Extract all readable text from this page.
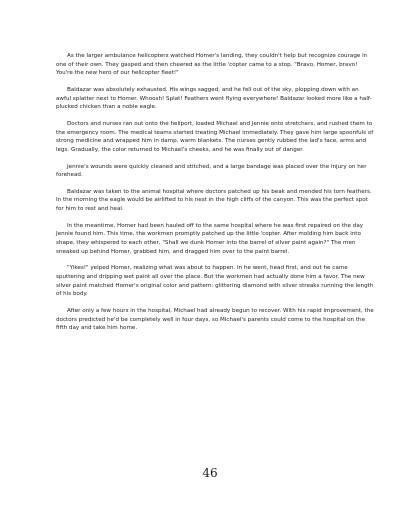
As the larger ambulance helicopters watched Homer's landing, they couldn't help but recognize courage in one of their own. They gasped and then cheered as the little 'copter came to a stop. "Bravo, Homer, bravo! You're the new hero of our helicopter fleet!"

Baldazar was absolutely exhausted. His wings sagged, and he fell out of the sky, plopping down with an awful splatter next to Homer. Whoosh! Splat! Feathers went flying everywhere! Baldazar looked more like a half-plucked chicken than a noble eagle.

Doctors and nurses ran out onto the heliport, loaded Michael and Jennie onto stretchers, and rushed them to the emergency room. The medical teams started treating Michael immediately. They gave him large spoonfuls of strong medicine and wrapped him in damp, warm blankets. The nurses gently rubbed the lad's face, arms and legs. Gradually, the color returned to Michael's cheeks, and he was finally out of danger.

Jennie's wounds were quickly cleaned and stitched, and a large bandage was placed over the injury on her forehead.

Baldazar was taken to the animal hospital where doctors patched up his beak and mended his torn feathers. In the morning the eagle would be airlifted to his nest in the high cliffs of the canyon. This was the perfect spot for him to rest and heal.

In the meantime, Homer had been hauled off to the same hospital where he was first repaired on the day Jennie found him. This time, the workmen promptly patched up the little 'copter. After molding him back into shape, they whispered to each other, "Shall we dunk Homer into the barrel of silver paint again?" The men sneaked up behind Homer, grabbed him, and dragged him over to the paint barrel.

"Yikes!" yelped Homer, realizing what was about to happen. In he went, head first, and out he came sputtering and dripping wet paint all over the place. But the workmen had actually done him a favor. The new silver paint matched Homer's original color and pattern: glittering diamond with silver streaks running the length of his body.

After only a few hours in the hospital, Michael had already begun to recover. With his rapid improvement, the doctors predicted he'd be completely well in four days, so Michael's parents could come to the hospital on the fifth day and take him home.

46
